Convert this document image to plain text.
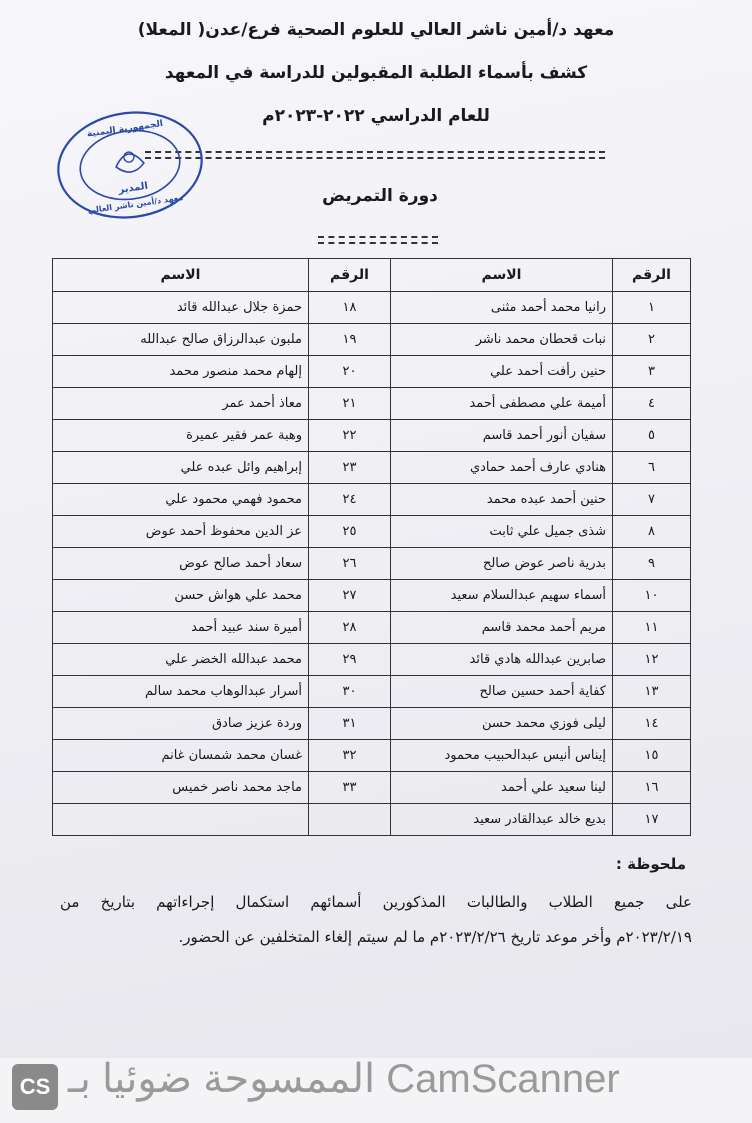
معهد د/أمين ناشر العالي للعلوم الصحية فرع/عدن( المعلا)
كشف بأسماء الطلبة المقبولين للدراسة في المعهد
للعام الدراسي ٢٠٢٢-٢٠٢٣م
الجمهورية اليمنية
المدير
معهد د/أمين ناشر العالي	دورة التمريض
الرقم	الاسم	الرقم	الاسم
١	رانيا محمد أحمد مثنى	١٨	حمزة جلال عبدالله قائد
٢	نبات قحطان محمد ناشر	١٩	ملبون عبدالرزاق صالح عبدالله
٣	حنين رأفت أحمد علي	٢٠	إلهام محمد منصور محمد
٤	أميمة علي مصطفى أحمد	٢١	معاذ أحمد عمر
٥	سفيان أنور أحمد قاسم	٢٢	وهبة عمر فقير عميرة
٦	هنادي عارف أحمد حمادي	٢٣	إبراهيم وائل عبده علي
٧	حنين أحمد عبده محمد	٢٤	محمود فهمي محمود علي
٨	شذى جميل علي ثابت	٢٥	عز الدين محفوظ أحمد عوض
٩	بدرية ناصر عوض صالح	٢٦	سعاد أحمد صالح عوض
١٠	أسماء سهيم عبدالسلام سعيد	٢٧	محمد علي هواش حسن
١١	مريم أحمد محمد قاسم	٢٨	أميرة سند عبيد أحمد
١٢	صابرين عبدالله هادي قائد	٢٩	محمد عبدالله الخضر علي
١٣	كفاية أحمد حسين صالح	٣٠	أسرار عبدالوهاب محمد سالم
١٤	ليلى فوزي محمد حسن	٣١	وردة عزيز صادق
١٥	إيناس أنيس عبدالحبيب محمود	٣٢	غسان محمد شمسان غانم
١٦	لينا سعيد علي أحمد	٣٣	ماجد محمد ناصر خميس
١٧	بديع خالد عبدالقادر سعيد		
ملحوظة :
على جميع الطلاب والطالبات المذكورين أسمائهم استكمال إجراءاتهم بتاريخ من
٢٠٢٣/٢/١٩م وأخر موعد تاريخ ٢٠٢٣/٢/٢٦م ما لم سيتم إلغاء المتخلفين عن الحضور.
CS الممسوحة ضوئيا بـ CamScanner
